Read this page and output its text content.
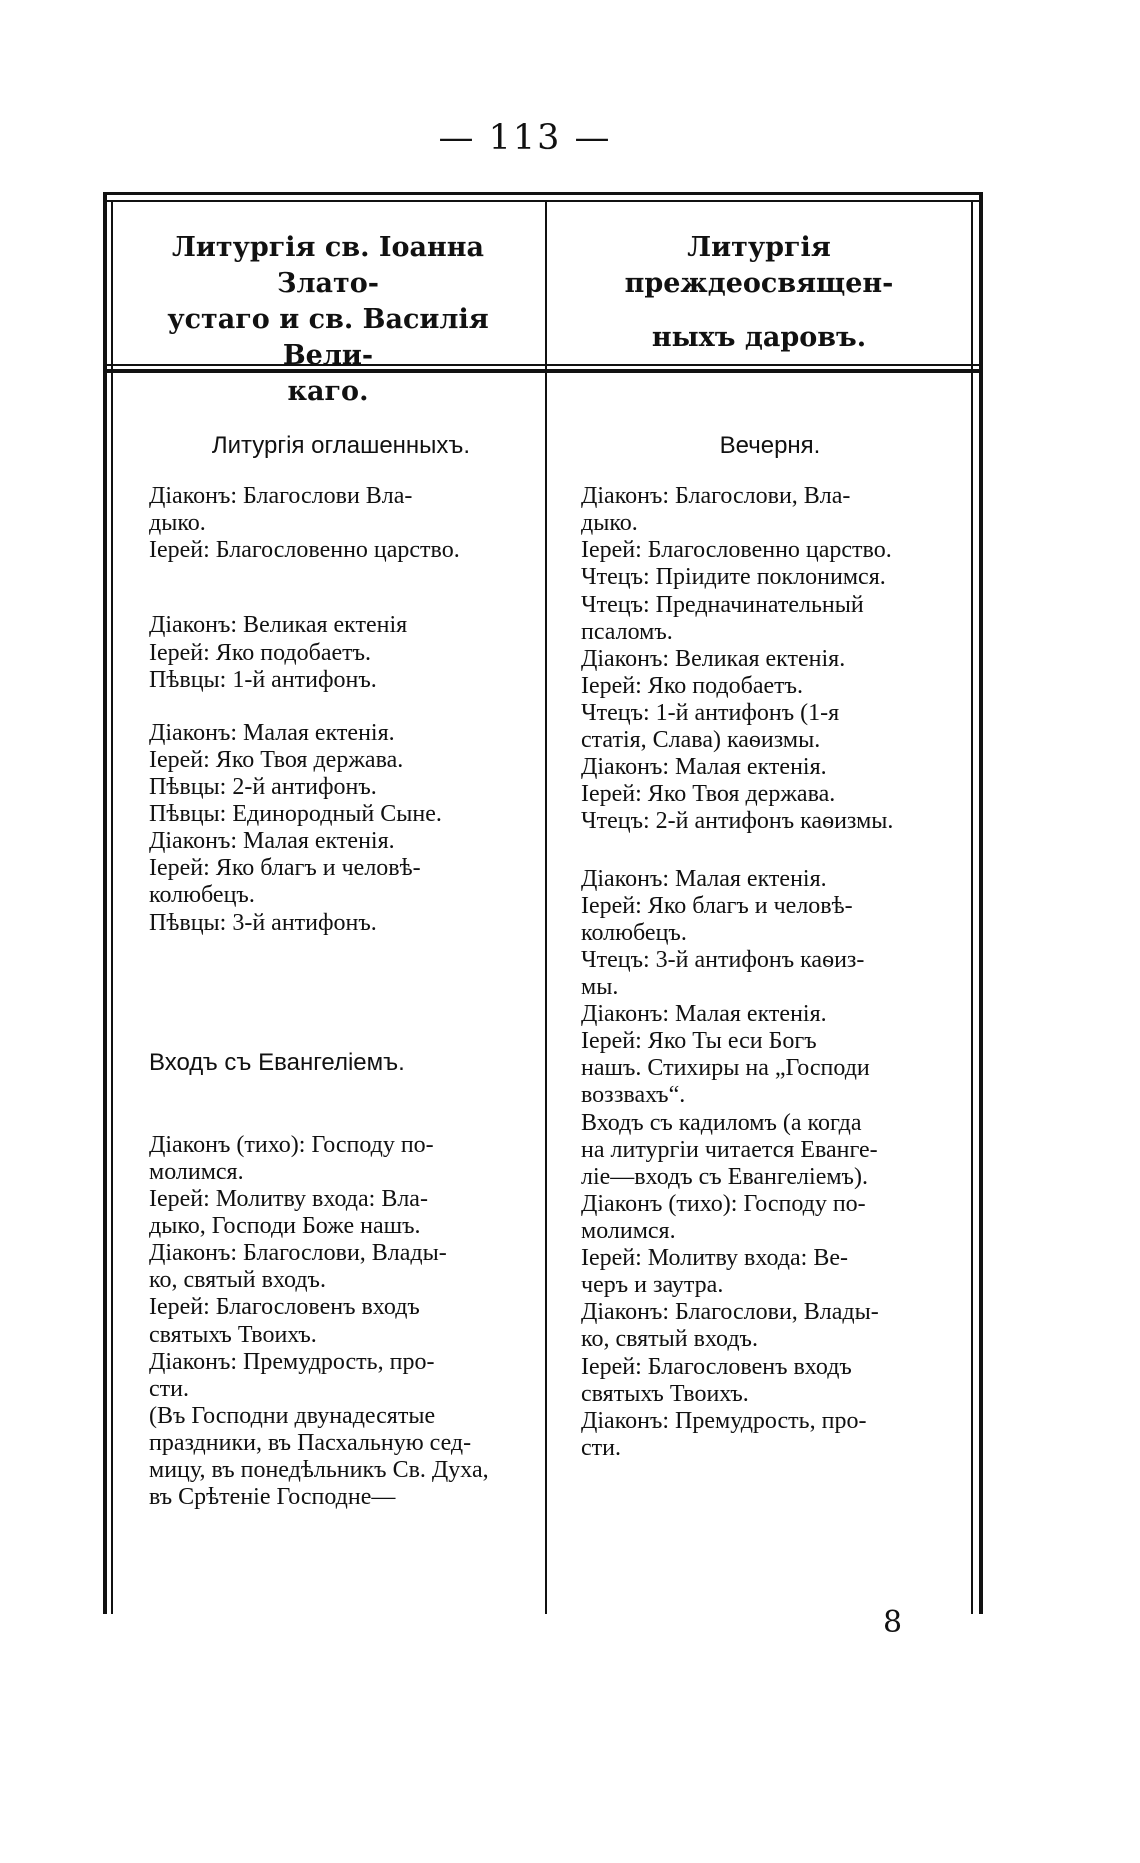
— 113 —
Литургія св. Іоанна Злато-
устаго и св. Василія Вели-
каго.
Литургія преждеосвящен-
ныхъ даровъ.
Литургія оглашенныхъ.
Діаконъ: Благослови Вла-
дыко.
Іерей: Благословенно царство.
Діаконъ: Великая ектенія
Іерей: Яко подобаетъ.
Пѣвцы: 1-й антифонъ.
Діаконъ: Малая ектенія.
Іерей: Яко Твоя держава.
Пѣвцы: 2-й антифонъ.
Пѣвцы: Единородный Сыне.
Діаконъ: Малая ектенія.
Іерей: Яко благъ и человѣ-
колюбецъ.
Пѣвцы: 3-й антифонъ.
Входъ съ Евангеліемъ.
Діаконъ (тихо): Господу по-
молимся.
Іерей: Молитву входа: Вла-
дыко, Господи Боже нашъ.
Діаконъ: Благослови, Влады-
ко, святый входъ.
Іерей: Благословенъ входъ
святыхъ Твоихъ.
Діаконъ: Премудрость, про-
сти.
(Въ Господни двунадесятые
праздники, въ Пасхальную сед-
мицу, въ понедѣльникъ Св. Духа,
въ Срѣтеніе Господне—
Вечерня.
Діаконъ: Благослови, Вла-
дыко.
Іерей: Благословенно царство.
Чтецъ: Пріидите поклонимся.
Чтецъ: Предначинательный
псаломъ.
Діаконъ: Великая ектенія.
Іерей: Яко подобаетъ.
Чтецъ: 1-й антифонъ (1-я
статія, Слава) каѳизмы.
Діаконъ: Малая ектенія.
Іерей: Яко Твоя держава.
Чтецъ: 2-й антифонъ каѳизмы.
Діаконъ: Малая ектенія.
Іерей: Яко благъ и человѣ-
колюбецъ.
Чтецъ: 3-й антифонъ каѳиз-
мы.
Діаконъ: Малая ектенія.
Іерей: Яко Ты еси Богъ
нашъ. Стихиры на „Господи
воззвахъ“.
Входъ съ кадиломъ (а когда
на литургіи читается Еванге-
ліе—входъ съ Евангеліемъ).
Діаконъ (тихо): Господу по-
молимся.
Іерей: Молитву входа: Ве-
черъ и заутра.
Діаконъ: Благослови, Влады-
ко, святый входъ.
Іерей: Благословенъ входъ
святыхъ Твоихъ.
Діаконъ: Премудрость, про-
сти.
8
